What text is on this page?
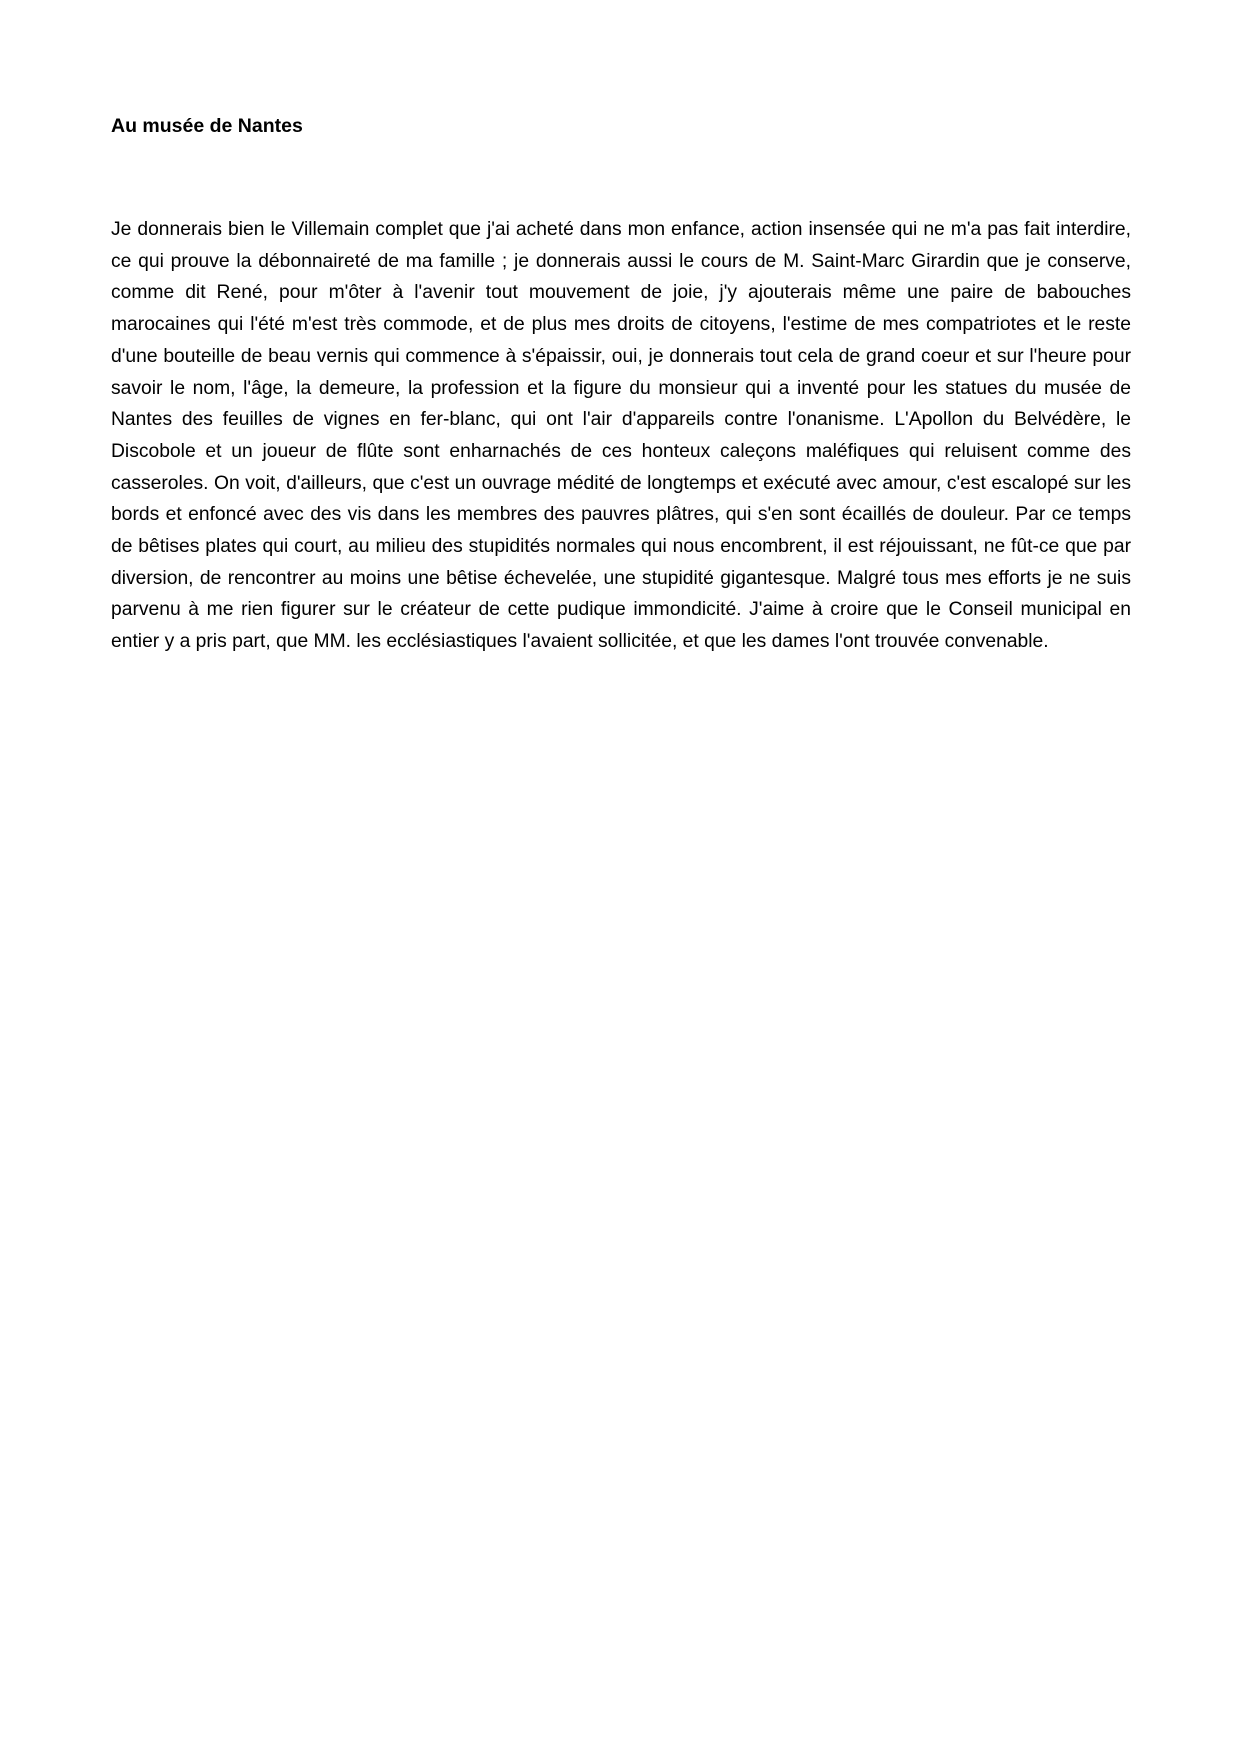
Au musée de Nantes

Je donnerais bien le Villemain complet que j'ai acheté dans mon enfance, action insensée qui ne m'a pas fait interdire, ce qui prouve la débonnaireté de ma famille ; je donnerais aussi le cours de M. Saint-Marc Girardin que je conserve, comme dit René, pour m'ôter à l'avenir tout mouvement de joie, j'y ajouterais même une paire de babouches marocaines qui l'été m'est très commode, et de plus mes droits de citoyens, l'estime de mes compatriotes et le reste d'une bouteille de beau vernis qui commence à s'épaissir, oui, je donnerais tout cela de grand coeur et sur l'heure pour savoir le nom, l'âge, la demeure, la profession et la figure du monsieur qui a inventé pour les statues du musée de Nantes des feuilles de vignes en fer-blanc, qui ont l'air d'appareils contre l'onanisme. L'Apollon du Belvédère, le Discobole et un joueur de flûte sont enharnachés de ces honteux caleçons maléfiques qui reluisent comme des casseroles. On voit, d'ailleurs, que c'est un ouvrage médité de longtemps et exécuté avec amour, c'est escalopé sur les bords et enfoncé avec des vis dans les membres des pauvres plâtres, qui s'en sont écaillés de douleur. Par ce temps de bêtises plates qui court, au milieu des stupidités normales qui nous encombrent, il est réjouissant, ne fût-ce que par diversion, de rencontrer au moins une bêtise échevelée, une stupidité gigantesque. Malgré tous mes efforts je ne suis parvenu à me rien figurer sur le créateur de cette pudique immondicité. J'aime à croire que le Conseil municipal en entier y a pris part, que MM. les ecclésiastiques l'avaient sollicitée, et que les dames l'ont trouvée convenable.
